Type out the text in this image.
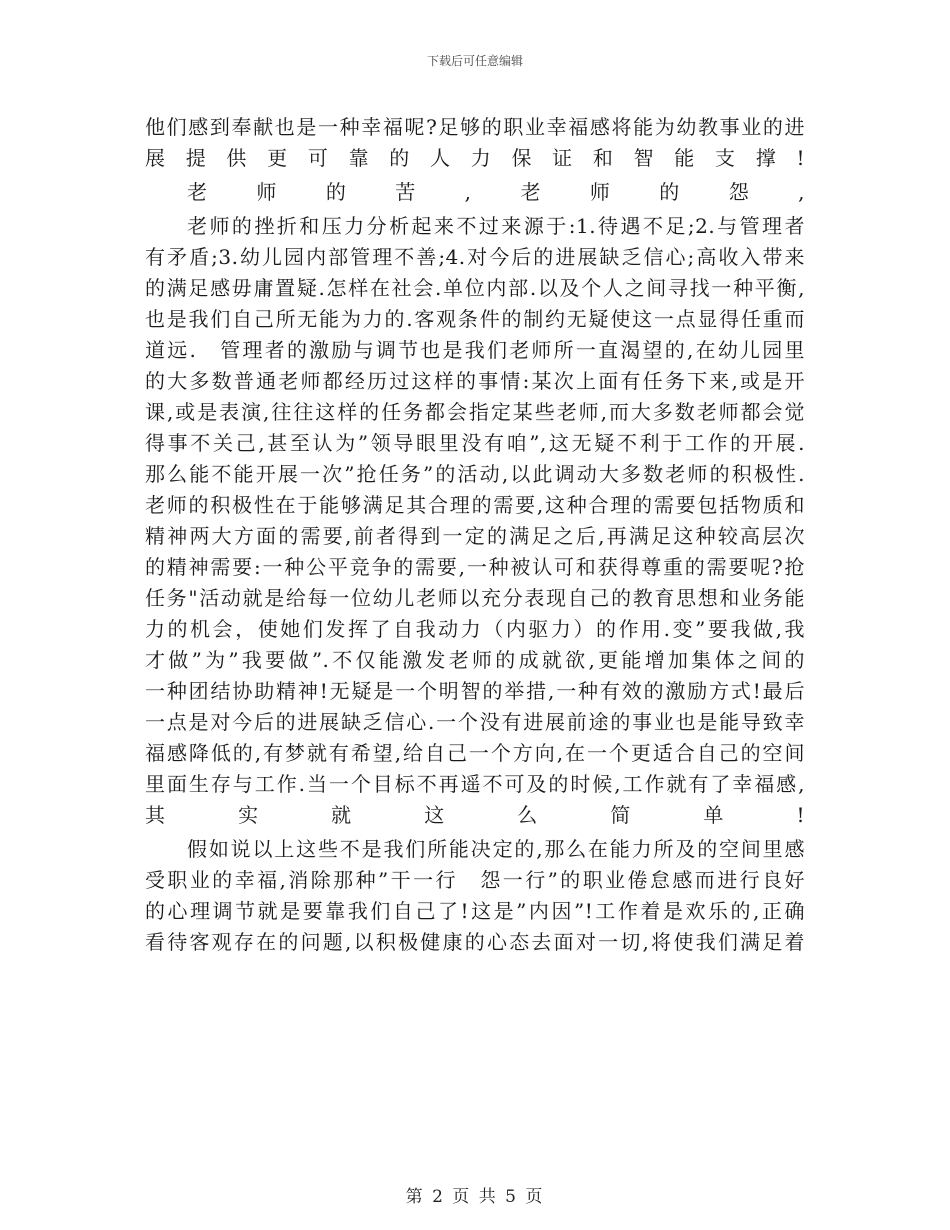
下载后可任意编辑

他们感到奉献也是一种幸福呢?足够的职业幸福感将能为幼教事业的进
展提供更可靠的人力保证和智能支撑!

老师的苦,老师的怨,

老师的挫折和压力分析起来不过来源于:1.待遇不足;2.与管理者
有矛盾;3.幼儿园内部管理不善;4.对今后的进展缺乏信心;高收入带来
的满足感毋庸置疑.怎样在社会.单位内部.以及个人之间寻找一种平衡,
也是我们自己所无能为力的.客观条件的制约无疑使这一点显得任重而
道远.　管理者的激励与调节也是我们老师所一直渴望的,在幼儿园里
的大多数普通老师都经历过这样的事情:某次上面有任务下来,或是开
课,或是表演,往往这样的任务都会指定某些老师,而大多数老师都会觉
得事不关己,甚至认为”领导眼里没有咱”,这无疑不利于工作的开展.
那么能不能开展一次”抢任务”的活动,以此调动大多数老师的积极性.
老师的积极性在于能够满足其合理的需要,这种合理的需要包括物质和
精神两大方面的需要,前者得到一定的满足之后,再满足这种较高层次
的精神需要:一种公平竞争的需要,一种被认可和获得尊重的需要呢?抢
任务"活动就是给每一位幼儿老师以充分表现自己的教育思想和业务能
力的机会，使她们发挥了自我动力（内驱力）的作用.变”要我做,我
才做”为”我要做”.不仅能激发老师的成就欲,更能增加集体之间的
一种团结协助精神!无疑是一个明智的举措,一种有效的激励方式!最后
一点是对今后的进展缺乏信心.一个没有进展前途的事业也是能导致幸
福感降低的,有梦就有希望,给自己一个方向,在一个更适合自己的空间
里面生存与工作.当一个目标不再遥不可及的时候,工作就有了幸福感,
其实就这么简单!

假如说以上这些不是我们所能决定的,那么在能力所及的空间里感
受职业的幸福,消除那种”干一行　怨一行”的职业倦怠感而进行良好
的心理调节就是要靠我们自己了!这是”内因”!工作着是欢乐的,正确
看待客观存在的问题,以积极健康的心态去面对一切,将使我们满足着

第 2 页 共 5 页
